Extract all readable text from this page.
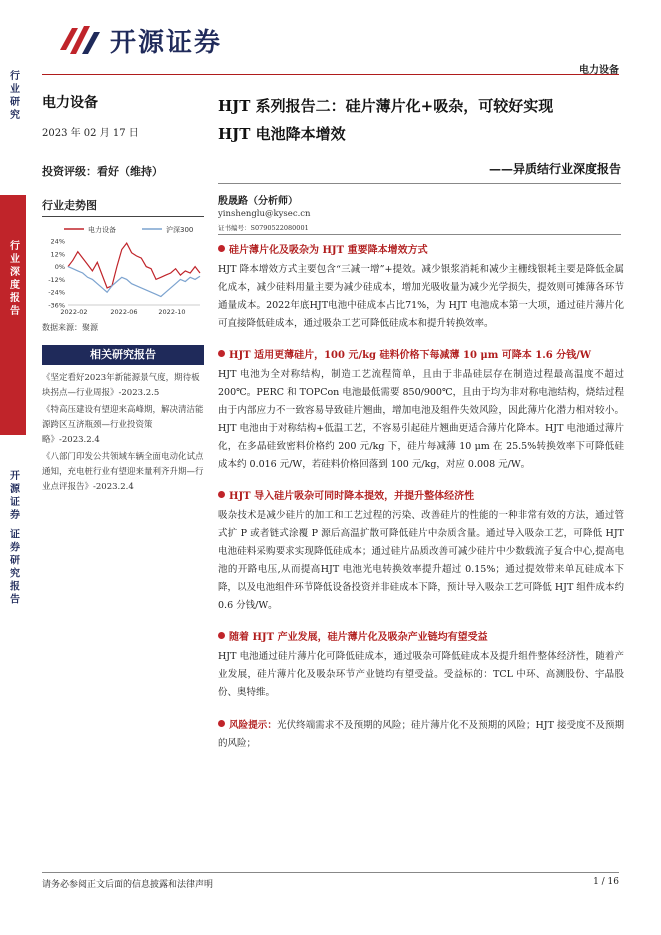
开源证券
电力设备
行业研究
行业深度报告
开源证券 证券研究报告
电力设备
2023 年 02 月 17 日
投资评级：看好（维持）
行业走势图
电力设备	沪深300
24%
12%
0%
-12%
-24%
-36%
2022-02	2022-06	2022-10
数据来源：聚源
相关研究报告
《坚定看好2023年新能源景气度，期待板块拐点—行业周报》-2023.2.5
《特高压建设有望迎来高峰期，解决清洁能源跨区互济瓶颈—行业投资策略》-2023.2.4
《八部门印发公共领域车辆全面电动化试点通知，充电桩行业有望迎来量利齐升期—行业点评报告》-2023.2.4
HJT 系列报告二：硅片薄片化+吸杂，可较好实现
HJT 电池降本增效
——异质结行业深度报告
殷晟路（分析师）
yinshenglu@kysec.cn
证书编号：S0790522080001
硅片薄片化及吸杂为 HJT 重要降本增效方式
HJT 降本增效方式主要包含“三减一增”+提效。减少银浆消耗和减少主栅线银耗主要是降低金属化成本，减少硅料用量主要为减少硅成本，增加光吸收量为减少光学损失，提效则可摊薄各环节通量成本。2022年底HJT电池中硅成本占比71%，为 HJT 电池成本第一大项，通过硅片薄片化可直接降低硅成本，通过吸杂工艺可降低硅成本和提升转换效率。
HJT 适用更薄硅片，100 元/kg 硅料价格下每减薄 10 μm 可降本 1.6 分钱/W
HJT 电池为全对称结构，制造工艺流程简单，且由于非晶硅层存在制造过程最高温度不超过 200℃。PERC 和 TOPCon 电池最低需要 850/900℃，且由于均为非对称电池结构，烧结过程由于内部应力不一致容易导致硅片翘曲，增加电池及组件失效风险，因此薄片化潜力相对较小。HJT 电池由于对称结构+低温工艺，不容易引起硅片翘曲更适合薄片化降本。HJT 电池通过薄片化，在多晶硅致密料价格约 200 元/kg 下，硅片每减薄 10 μm 在 25.5%转换效率下可降低硅成本约 0.016 元/W，若硅料价格回落到 100 元/kg，对应 0.008 元/W。
HJT 导入硅片吸杂可同时降本提效，并提升整体经济性
吸杂技术是减少硅片的加工和工艺过程的污染、改善硅片的性能的一种非常有效的方法，通过管式扩 P 或者链式涂覆 P 源后高温扩散可降低硅片中杂质含量。通过导入吸杂工艺，可降低 HJT 电池硅料采购要求实现降低硅成本；通过硅片品质改善可减少硅片中少数载流子复合中心,提高电池的开路电压,从而提高HJT 电池光电转换效率提升超过 0.15%；通过提效带来单瓦硅成本下降，以及电池组件环节降低设备投资并非硅成本下降，预计导入吸杂工艺可降低 HJT 组件成本约 0.6 分钱/W。
随着 HJT 产业发展，硅片薄片化及吸杂产业链均有望受益
HJT 电池通过硅片薄片化可降低硅成本，通过吸杂可降低硅成本及提升组件整体经济性，随着产业发展，硅片薄片化及吸杂环节产业链均有望受益。受益标的：TCL 中环、高测股份、宇晶股份、奥特维。
风险提示：光伏终端需求不及预期的风险；硅片薄片化不及预期的风险；HJT 接受度不及预期的风险；
请务必参阅正文后面的信息披露和法律声明	1 / 16
